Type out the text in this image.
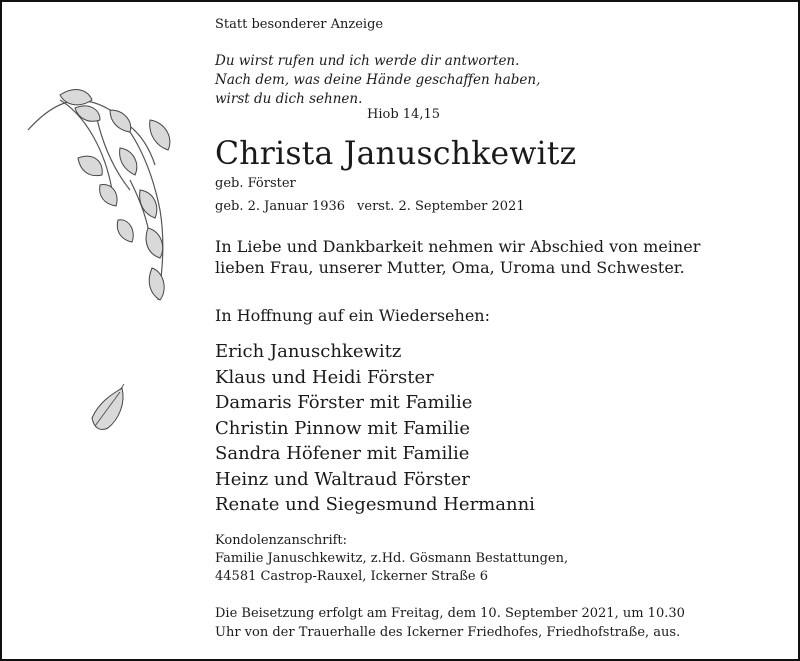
Statt besonderer Anzeige
Du wirst rufen und ich werde dir antworten.
Nach dem, was deine Hände geschaffen haben,
wirst du dich sehnen.
Hiob 14,15
Christa Januschkewitz
geb. Förster
geb. 2. Januar 1936 verst. 2. September 2021
In Liebe und Dankbarkeit nehmen wir Abschied von meiner
lieben Frau, unserer Mutter, Oma, Uroma und Schwester.
In Hoffnung auf ein Wiedersehen:
Erich Januschkewitz
Klaus und Heidi Förster
Damaris Förster mit Familie
Christin Pinnow mit Familie
Sandra Höfener mit Familie
Heinz und Waltraud Förster
Renate und Siegesmund Hermanni
Kondolenzanschrift:
Familie Januschkewitz, z.Hd. Gösmann Bestattungen,
44581 Castrop-Rauxel, Ickerner Straße 6
Die Beisetzung erfolgt am Freitag, dem 10. September 2021, um 10.30
Uhr von der Trauerhalle des Ickerner Friedhofes, Friedhofstraße, aus.
